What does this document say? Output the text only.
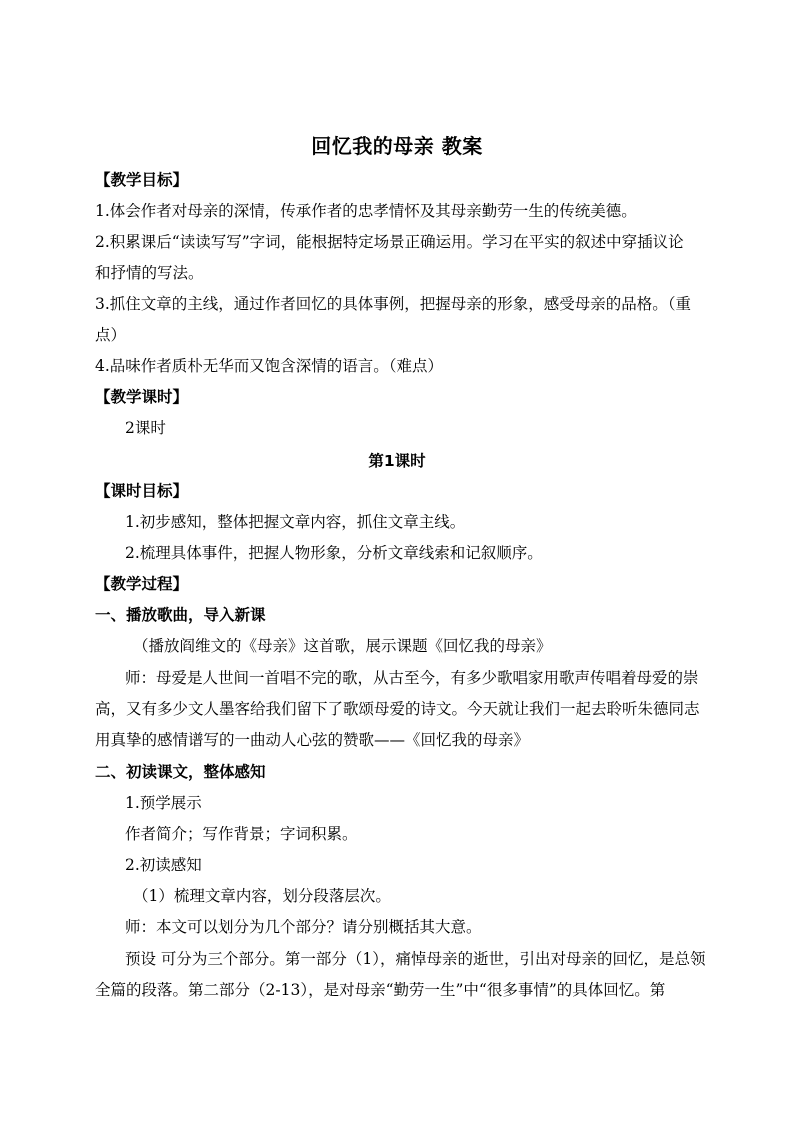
回忆我的母亲 教案
【教学目标】
1.体会作者对母亲的深情，传承作者的忠孝情怀及其母亲勤劳一生的传统美德。
2.积累课后“读读写写”字词，能根据特定场景正确运用。学习在平实的叙述中穿插议论
和抒情的写法。
3.抓住文章的主线，通过作者回忆的具体事例，把握母亲的形象，感受母亲的品格。（重
点）
4.品味作者质朴无华而又饱含深情的语言。（难点）
【教学课时】
2课时
第1课时
【课时目标】
1.初步感知，整体把握文章内容，抓住文章主线。
2.梳理具体事件，把握人物形象，分析文章线索和记叙顺序。
【教学过程】
一、播放歌曲，导入新课
（播放阎维文的《母亲》这首歌，展示课题《回忆我的母亲》
师：母爱是人世间一首唱不完的歌，从古至今，有多少歌唱家用歌声传唱着母爱的崇
高，又有多少文人墨客给我们留下了歌颂母爱的诗文。今天就让我们一起去聆听朱德同志
用真挚的感情谱写的一曲动人心弦的赞歌——《回忆我的母亲》
二、初读课文，整体感知
1.预学展示
作者简介；写作背景；字词积累。
2.初读感知
（1）梳理文章内容，划分段落层次。
师：本文可以划分为几个部分？请分别概括其大意。
预设 可分为三个部分。第一部分（1），痛悼母亲的逝世，引出对母亲的回忆，是总领
全篇的段落。第二部分（2-13），是对母亲“勤劳一生”中“很多事情”的具体回忆。第
